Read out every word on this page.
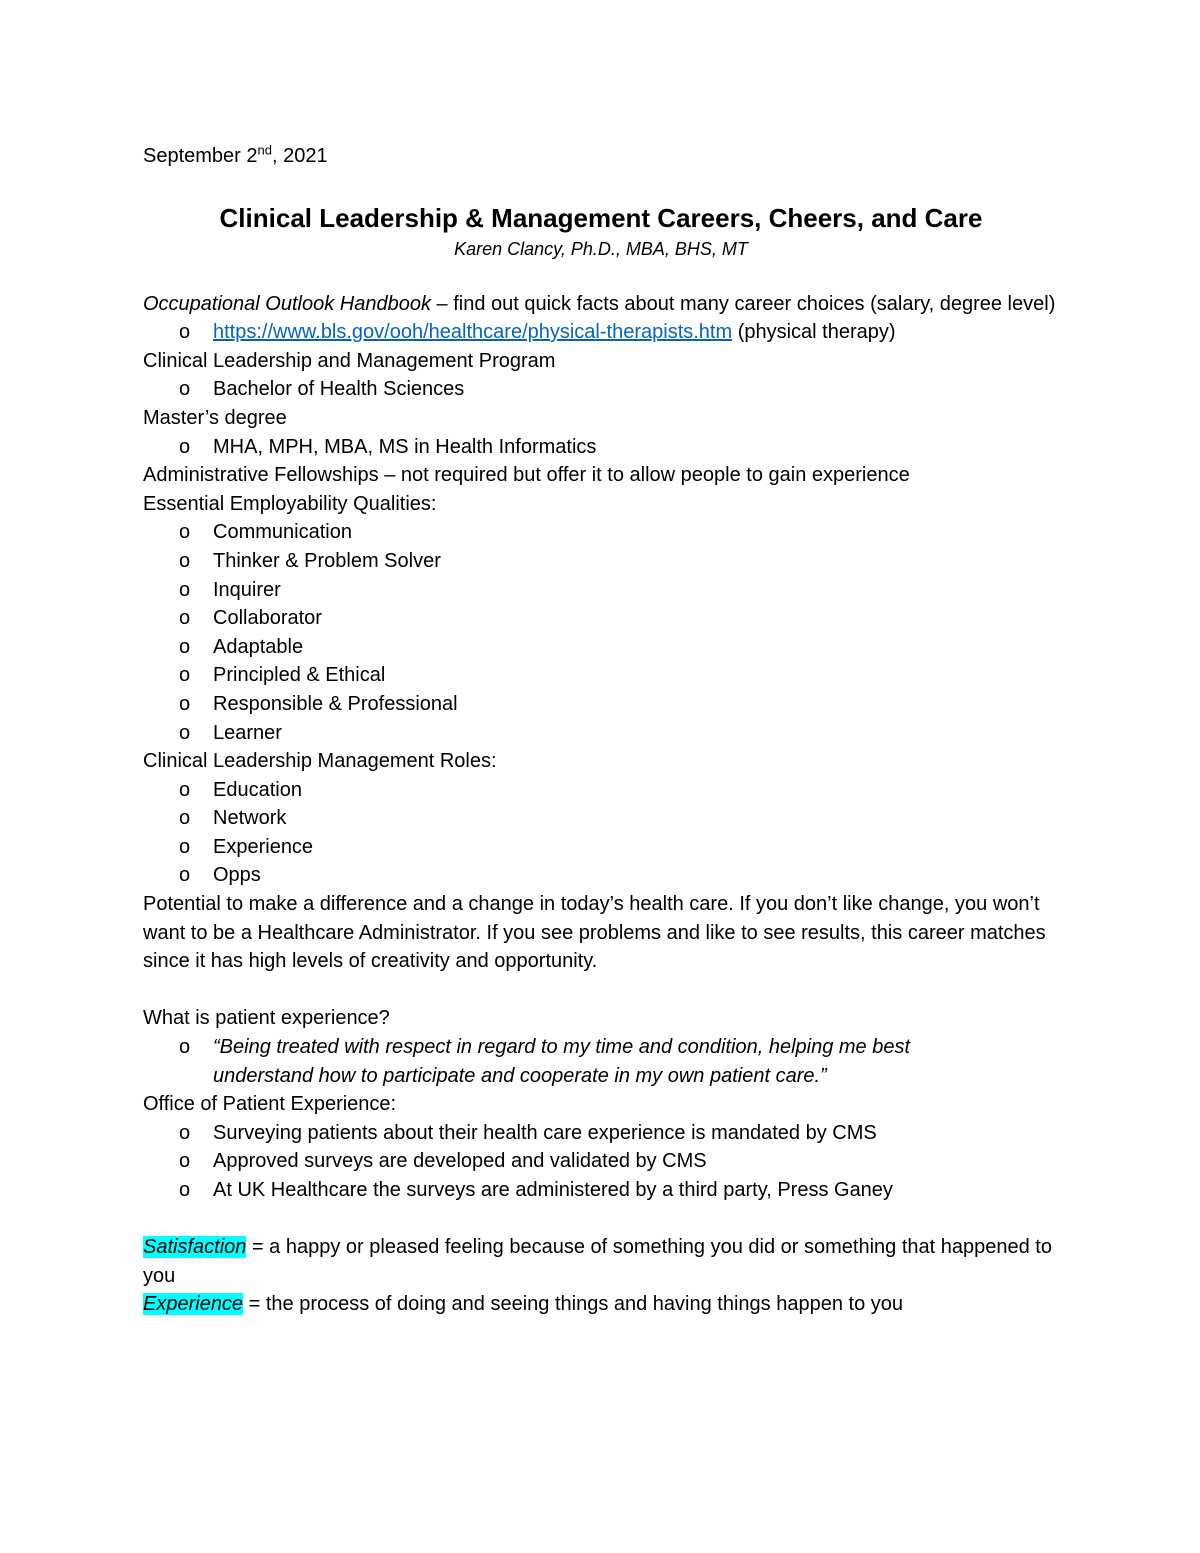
September 2nd, 2021
Clinical Leadership & Management Careers, Cheers, and Care
Karen Clancy, Ph.D., MBA, BHS, MT
Occupational Outlook Handbook – find out quick facts about many career choices (salary, degree level)
o https://www.bls.gov/ooh/healthcare/physical-therapists.htm (physical therapy)
Clinical Leadership and Management Program
o Bachelor of Health Sciences
Master’s degree
o MHA, MPH, MBA, MS in Health Informatics
Administrative Fellowships – not required but offer it to allow people to gain experience
Essential Employability Qualities:
o Communication
o Thinker & Problem Solver
o Inquirer
o Collaborator
o Adaptable
o Principled & Ethical
o Responsible & Professional
o Learner
Clinical Leadership Management Roles:
o Education
o Network
o Experience
o Opps
Potential to make a difference and a change in today’s health care. If you don’t like change, you won’t want to be a Healthcare Administrator. If you see problems and like to see results, this career matches since it has high levels of creativity and opportunity.
What is patient experience?
o “Being treated with respect in regard to my time and condition, helping me best understand how to participate and cooperate in my own patient care.”
Office of Patient Experience:
o Surveying patients about their health care experience is mandated by CMS
o Approved surveys are developed and validated by CMS
o At UK Healthcare the surveys are administered by a third party, Press Ganey
Satisfaction = a happy or pleased feeling because of something you did or something that happened to you
Experience = the process of doing and seeing things and having things happen to you
